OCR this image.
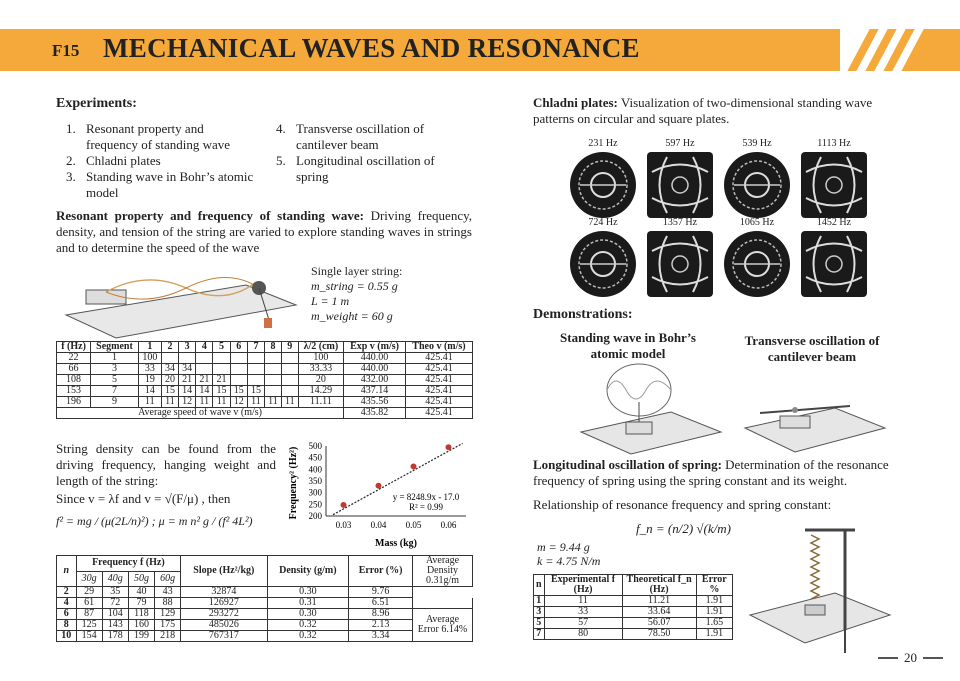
F15 MECHANICAL WAVES AND RESONANCE
Experiments:
1. Resonant property and frequency of standing wave
2. Chladni plates
3. Standing wave in Bohr’s atomic model
4. Transverse oscillation of cantilever beam
5. Longitudinal oscillation of spring
Resonant property and frequency of standing wave: Driving frequency, density, and tension of the string are varied to explore standing waves in strings and to determine the speed of the wave
Single layer string:
m_string = 0.55 g
L = 1 m
m_weight = 60 g
f (Hz)	Segment	1	2	3	4	5	6	7	8	9	λ/2 (cm)	Exp v (m/s)	Theo v (m/s)
22	1	100									100	440.00	425.41
66	3	33	34	34							33.33	440.00	425.41
108	5	19	20	21	21	21					20	432.00	425.41
153	7	14	15	14	14	15	15	15			14.29	437.14	425.41
196	9	11	11	12	11	11	12	11	11	11	11.11	435.56	425.41
Average speed of wave v (m/s)												435.82	425.41
String density can be found from the driving frequency, hanging weight and length of the string:
Since v = λf and v = √(F/μ) , then
f² = mg / (μ(2L/n)²) ; μ = m n² g / (f² 4L²)	200
250
300
350
400
450
500
0.03 0.04 0.05 0.06
y = 8248.9x - 17.0
R² = 0.99
Mass (kg)
Frequency² (Hz²)
n	Frequency f (Hz)				Slope (Hz²/kg)	Density (g/m)	Error (%)	Average Density 0.31g/m
	30g	40g	50g	60g				
2	29	35	40	43	32874	0.30	9.76	
4	61	72	79	88	126927	0.31	6.51	
6	87	104	118	129	293272	0.30	8.96	Average Error 6.14%
8	125	143	160	175	485026	0.32	2.13	
10	154	178	199	218	767317	0.32	3.34	
Chladni plates: Visualization of two-dimensional standing wave patterns on circular and square plates.
231 Hz	597 Hz	539 Hz	1113 Hz
724 Hz	1357 Hz	1065 Hz	1452 Hz
Demonstrations:
Standing wave in Bohr’s atomic model
Transverse oscillation of cantilever beam
Longitudinal oscillation of spring: Determination of the resonance frequency of spring using the spring constant and its weight.
Relationship of resonance frequency and spring constant:
f_n = (n/2) √(k/m)
m = 9.44 g
k = 4.75 N/m
n	Experimental f (Hz)	Theoretical f_n (Hz)	Error %
1	11	11.21	1.91
3	33	33.64	1.91
5	57	56.07	1.65
7	80	78.50	1.91
20
